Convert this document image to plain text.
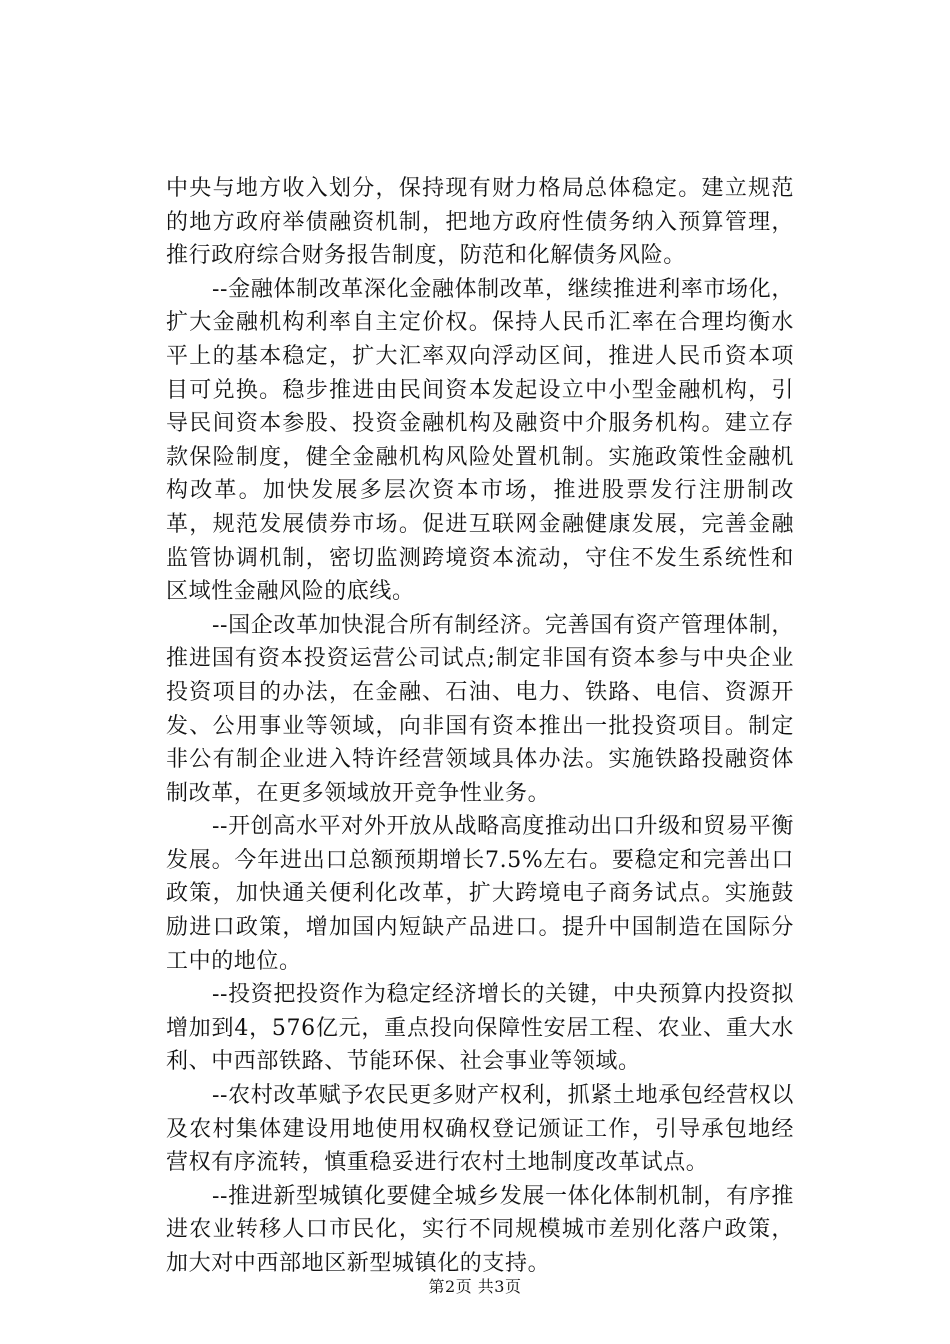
中央与地方收入划分，保持现有财力格局总体稳定。建立规范的地方政府举债融资机制，把地方政府性债务纳入预算管理，推行政府综合财务报告制度，防范和化解债务风险。

--金融体制改革深化金融体制改革，继续推进利率市场化，扩大金融机构利率自主定价权。保持人民币汇率在合理均衡水平上的基本稳定，扩大汇率双向浮动区间，推进人民币资本项目可兑换。稳步推进由民间资本发起设立中小型金融机构，引导民间资本参股、投资金融机构及融资中介服务机构。建立存款保险制度，健全金融机构风险处置机制。实施政策性金融机构改革。加快发展多层次资本市场，推进股票发行注册制改革，规范发展债券市场。促进互联网金融健康发展，完善金融监管协调机制，密切监测跨境资本流动，守住不发生系统性和区域性金融风险的底线。

--国企改革加快混合所有制经济。完善国有资产管理体制，推进国有资本投资运营公司试点;制定非国有资本参与中央企业投资项目的办法，在金融、石油、电力、铁路、电信、资源开发、公用事业等领域，向非国有资本推出一批投资项目。制定非公有制企业进入特许经营领域具体办法。实施铁路投融资体制改革，在更多领域放开竞争性业务。

--开创高水平对外开放从战略高度推动出口升级和贸易平衡发展。今年进出口总额预期增长7.5%左右。要稳定和完善出口政策，加快通关便利化改革，扩大跨境电子商务试点。实施鼓励进口政策，增加国内短缺产品进口。提升中国制造在国际分工中的地位。

--投资把投资作为稳定经济增长的关键，中央预算内投资拟增加到4，576亿元，重点投向保障性安居工程、农业、重大水利、中西部铁路、节能环保、社会事业等领域。

--农村改革赋予农民更多财产权利，抓紧土地承包经营权以及农村集体建设用地使用权确权登记颁证工作，引导承包地经营权有序流转，慎重稳妥进行农村土地制度改革试点。

--推进新型城镇化要健全城乡发展一体化体制机制，有序推进农业转移人口市民化，实行不同规模城市差别化落户政策，加大对中西部地区新型城镇化的支持。

第2页 共3页
